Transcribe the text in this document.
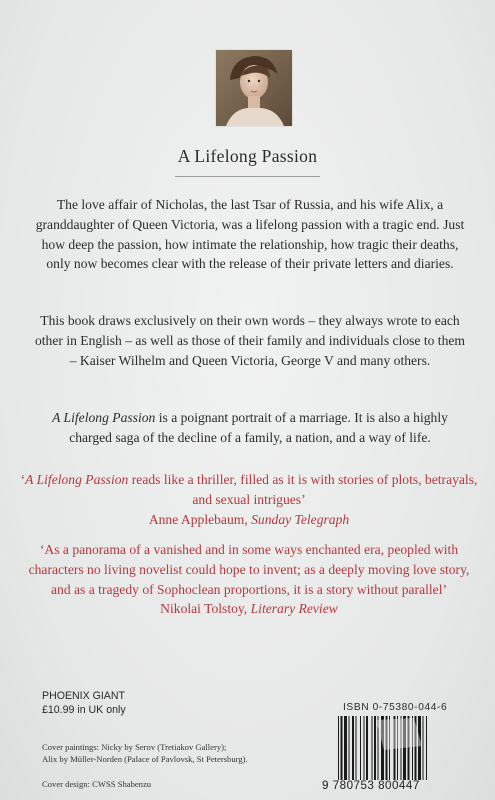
A Lifelong Passion

The love affair of Nicholas, the last Tsar of Russia, and his wife Alix, a granddaughter of Queen Victoria, was a lifelong passion with a tragic end. Just how deep the passion, how intimate the relationship, how tragic their deaths, only now becomes clear with the release of their private letters and diaries.

This book draws exclusively on their own words – they always wrote to each other in English – as well as those of their family and individuals close to them – Kaiser Wilhelm and Queen Victoria, George V and many others.

A Lifelong Passion is a poignant portrait of a marriage. It is also a highly charged saga of the decline of a family, a nation, and a way of life.

‘A Lifelong Passion reads like a thriller, filled as it is with stories of plots, betrayals, and sexual intrigues’
Anne Applebaum, Sunday Telegraph

‘As a panorama of a vanished and in some ways enchanted era, peopled with characters no living novelist could hope to invent; as a deeply moving love story, and as a tragedy of Sophoclean proportions, it is a story without parallel’
Nikolai Tolstoy, Literary Review

PHOENIX GIANT
£10.99 in UK only
Cover paintings: Nicky by Serov (Tretiakov Gallery);
Alix by Müller-Norden (Palace of Pavlovsk, St Petersburg).
Cover design: CWSS Shabenzu
ISBN 0-75380-044-6
9 780753 800447
